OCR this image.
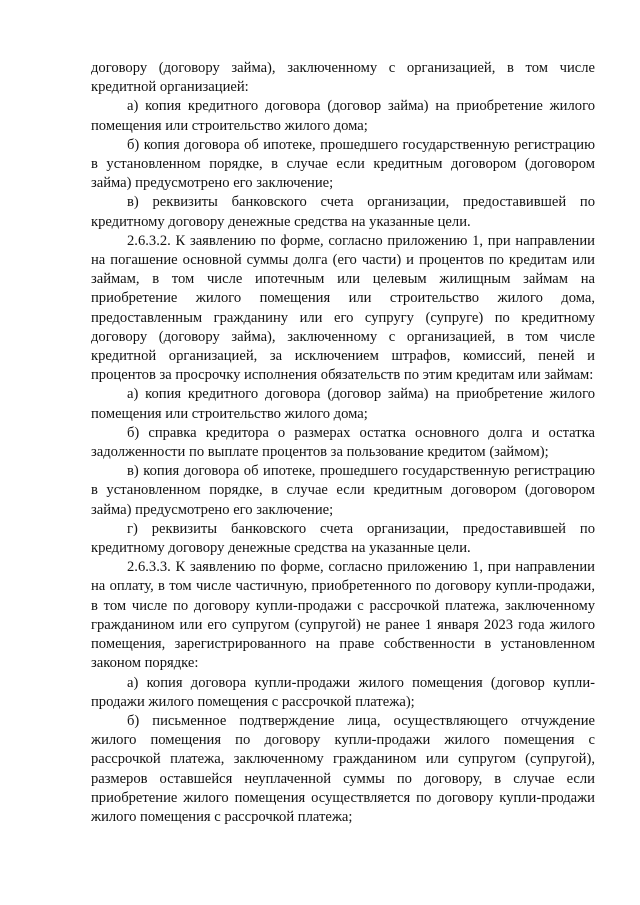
договору (договору займа), заключенному с организацией, в том числе кредитной организацией:

а) копия кредитного договора (договор займа) на приобретение жилого помещения или строительство жилого дома;

б) копия договора об ипотеке, прошедшего государственную регистрацию в установленном порядке, в случае если кредитным договором (договором займа) предусмотрено его заключение;

в) реквизиты банковского счета организации, предоставившей по кредитному договору денежные средства на указанные цели.

2.6.3.2. К заявлению по форме, согласно приложению 1, при направлении на погашение основной суммы долга (его части) и процентов по кредитам или займам, в том числе ипотечным или целевым жилищным займам на приобретение жилого помещения или строительство жилого дома, предоставленным гражданину или его супругу (супруге) по кредитному договору (договору займа), заключенному с организацией, в том числе кредитной организацией, за исключением штрафов, комиссий, пеней и процентов за просрочку исполнения обязательств по этим кредитам или займам:

а) копия кредитного договора (договор займа) на приобретение жилого помещения или строительство жилого дома;

б) справка кредитора о размерах остатка основного долга и остатка задолженности по выплате процентов за пользование кредитом (займом);

в) копия договора об ипотеке, прошедшего государственную регистрацию в установленном порядке, в случае если кредитным договором (договором займа) предусмотрено его заключение;

г) реквизиты банковского счета организации, предоставившей по кредитному договору денежные средства на указанные цели.

2.6.3.3. К заявлению по форме, согласно приложению 1, при направлении на оплату, в том числе частичную, приобретенного по договору купли-продажи, в том числе по договору купли-продажи с рассрочкой платежа, заключенному гражданином или его супругом (супругой) не ранее 1 января 2023 года жилого помещения, зарегистрированного на праве собственности в установленном законом порядке:

а) копия договора купли-продажи жилого помещения (договор купли-продажи жилого помещения с рассрочкой платежа);

б) письменное подтверждение лица, осуществляющего отчуждение жилого помещения по договору купли-продажи жилого помещения с рассрочкой платежа, заключенному гражданином или супругом (супругой), размеров оставшейся неуплаченной суммы по договору, в случае если приобретение жилого помещения осуществляется по договору купли-продажи жилого помещения с рассрочкой платежа;
